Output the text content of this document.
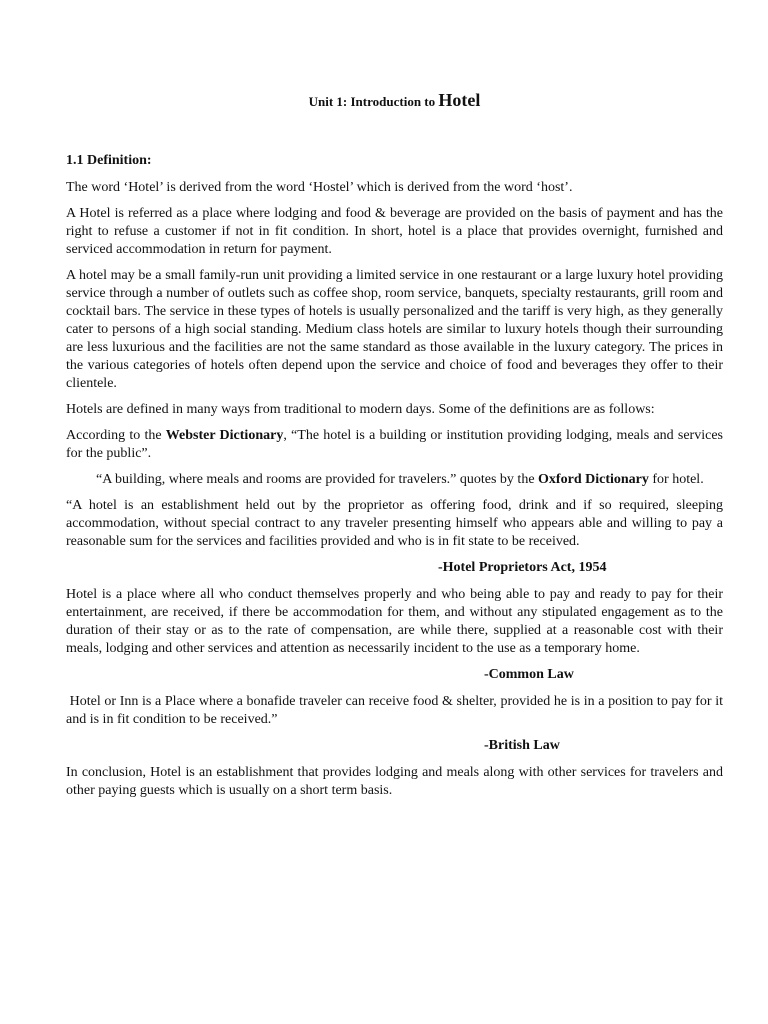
Unit 1: Introduction to Hotel
1.1 Definition:

The word ‘Hotel’ is derived from the word ‘Hostel’ which is derived from the word ‘host’.

A Hotel is referred as a place where lodging and food & beverage are provided on the basis of payment and has the right to refuse a customer if not in fit condition. In short, hotel is a place that provides overnight, furnished and serviced accommodation in return for payment.

A hotel may be a small family-run unit providing a limited service in one restaurant or a large luxury hotel providing service through a number of outlets such as coffee shop, room service, banquets, specialty restaurants, grill room and cocktail bars. The service in these types of hotels is usually personalized and the tariff is very high, as they generally cater to persons of a high social standing. Medium class hotels are similar to luxury hotels though their surrounding are less luxurious and the facilities are not the same standard as those available in the luxury category. The prices in the various categories of hotels often depend upon the service and choice of food and beverages they offer to their clientele.

Hotels are defined in many ways from traditional to modern days. Some of the definitions are as follows:

According to the Webster Dictionary, “The hotel is a building or institution providing lodging, meals and services for the public”.

“A building, where meals and rooms are provided for travelers.” quotes by the Oxford Dictionary for hotel.

“A hotel is an establishment held out by the proprietor as offering food, drink and if so required, sleeping accommodation, without special contract to any traveler presenting himself who appears able and willing to pay a reasonable sum for the services and facilities provided and who is in fit state to be received.

-Hotel Proprietors Act, 1954

Hotel is a place where all who conduct themselves properly and who being able to pay and ready to pay for their entertainment, are received, if there be accommodation for them, and without any stipulated engagement as to the duration of their stay or as to the rate of compensation, are while there, supplied at a reasonable cost with their meals, lodging and other services and attention as necessarily incident to the use as a temporary home.

-Common Law

Hotel or Inn is a Place where a bonafide traveler can receive food & shelter, provided he is in a position to pay for it and is in fit condition to be received.”

-British Law

In conclusion, Hotel is an establishment that provides lodging and meals along with other services for travelers and other paying guests which is usually on a short term basis.
